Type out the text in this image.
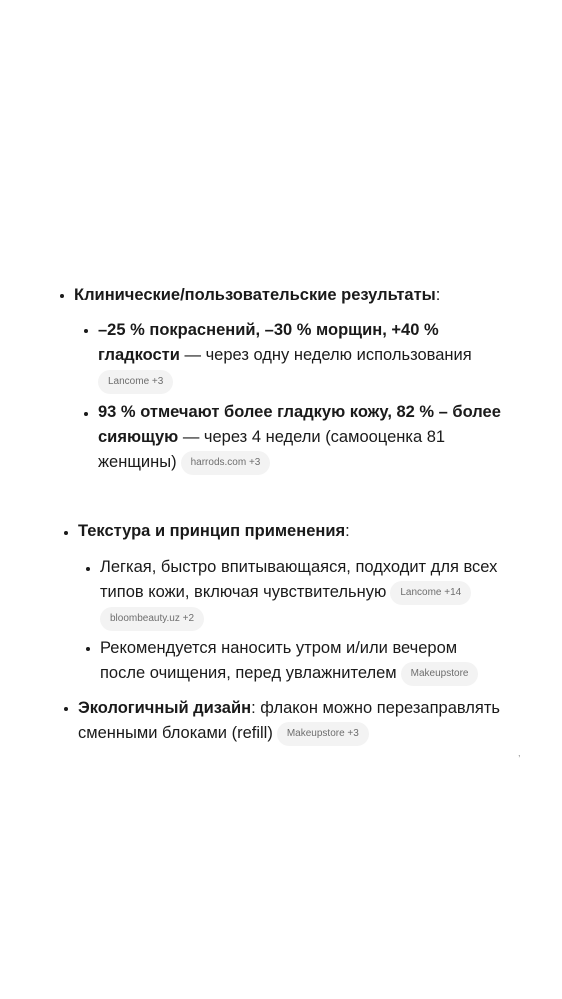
Клинические/пользовательские результаты:
–25 % покраснений, –30 % морщин, +40 % гладкости — через одну неделю использования
Lancome +3
93 % отмечают более гладкую кожу, 82 % – более сияющую — через 4 недели (самооценка 81 женщины) harrods.com +3
Текстура и принцип применения:
Легкая, быстро впитывающаяся, подходит для всех типов кожи, включая чувствительную Lancome +14
bloombeauty.uz +2
Рекомендуется наносить утром и/или вечером после очищения, перед увлажнителем Makeupstore
Экологичный дизайн: флакон можно перезаправлять сменными блоками (refill) Makeupstore +3
,
